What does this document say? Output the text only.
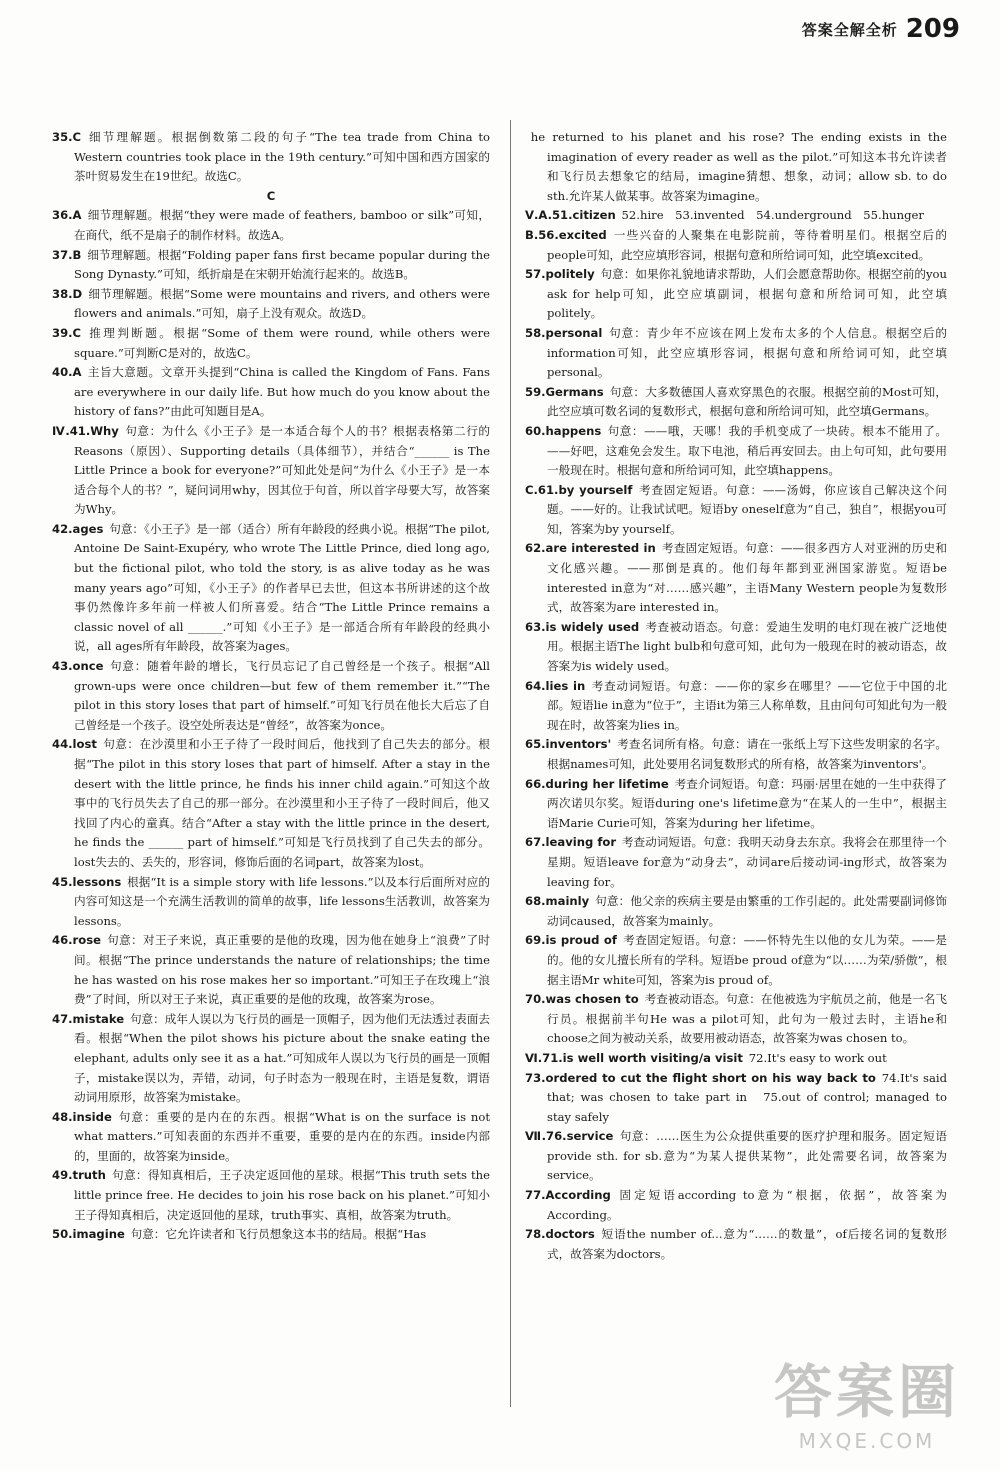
答案全解全析 209

35.C  细节理解题。根据倒数第二段的句子“The tea trade from China to Western countries took place in the 19th century.”可知中国和西方国家的茶叶贸易发生在19世纪。故选C。

C

36.A  细节理解题。根据“they were made of feathers, bamboo or silk”可知，在商代，纸不是扇子的制作材料。故选A。

37.B  细节理解题。根据“Folding paper fans first became popular during the Song Dynasty.”可知，纸折扇是在宋朝开始流行起来的。故选B。

38.D  细节理解题。根据“Some were mountains and rivers, and others were flowers and animals.”可知，扇子上没有观众。故选D。

39.C  推理判断题。根据“Some of them were round, while others were square.”可判断C是对的，故选C。

40.A  主旨大意题。文章开头提到“China is called the Kingdom of Fans. Fans are everywhere in our daily life. But how much do you know about the history of fans?”由此可知题目是A。

Ⅳ.41.Why  句意：为什么《小王子》是一本适合每个人的书？根据表格第二行的Reasons（原因）、Supporting details（具体细节），并结合“______ is The Little Prince a book for everyone?”可知此处是问“为什么《小王子》是一本适合每个人的书？”，疑问词用why，因其位于句首，所以首字母要大写，故答案为Why。

42.ages  句意：《小王子》是一部（适合）所有年龄段的经典小说。根据“The pilot, Antoine De Saint-Exupéry, who wrote The Little Prince, died long ago, but the fictional pilot, who told the story, is as alive today as he was many years ago”可知，《小王子》的作者早已去世，但这本书所讲述的这个故事仍然像许多年前一样被人们所喜爱。结合“The Little Prince remains a classic novel of all ______.”可知《小王子》是一部适合所有年龄段的经典小说，all ages所有年龄段，故答案为ages。

43.once  句意：随着年龄的增长，飞行员忘记了自己曾经是一个孩子。根据“All grown-ups were once children—but few of them remember it.”“The pilot in this story loses that part of himself.”可知飞行员在他长大后忘了自己曾经是一个孩子。设空处所表达是“曾经”，故答案为once。

44.lost  句意：在沙漠里和小王子待了一段时间后，他找到了自己失去的部分。根据“The pilot in this story loses that part of himself. After a stay in the desert with the little prince, he finds his inner child again.”可知这个故事中的飞行员失去了自己的那一部分。在沙漠里和小王子待了一段时间后，他又找回了内心的童真。结合“After a stay with the little prince in the desert, he finds the ______ part of himself.”可知是飞行员找到了自己失去的部分。lost失去的、丢失的，形容词，修饰后面的名词part，故答案为lost。

45.lessons  根据“It is a simple story with life lessons.”以及本行后面所对应的内容可知这是一个充满生活教训的简单的故事，life lessons生活教训，故答案为lessons。

46.rose  句意：对王子来说，真正重要的是他的玫瑰，因为他在她身上“浪费”了时间。根据“The prince understands the nature of relationships; the time he has wasted on his rose makes her so important.”可知王子在玫瑰上“浪费”了时间，所以对王子来说，真正重要的是他的玫瑰，故答案为rose。

47.mistake  句意：成年人误以为飞行员的画是一顶帽子，因为他们无法透过表面去看。根据“When the pilot shows his picture about the snake eating the elephant, adults only see it as a hat.”可知成年人误以为飞行员的画是一顶帽子，mistake误以为，弄错，动词，句子时态为一般现在时，主语是复数，谓语动词用原形，故答案为mistake。

48.inside  句意：重要的是内在的东西。根据“What is on the surface is not what matters.”可知表面的东西并不重要，重要的是内在的东西。inside内部的，里面的，故答案为inside。

49.truth  句意：得知真相后，王子决定返回他的星球。根据“This truth sets the little prince free. He decides to join his rose back on his planet.”可知小王子得知真相后，决定返回他的星球，truth事实、真相，故答案为truth。

50.imagine  句意：它允许读者和飞行员想象这本书的结局。根据“Has

 he returned to his planet and his rose? The ending exists in the imagination of every reader as well as the pilot.”可知这本书允许读者和飞行员去想象它的结局，imagine猜想、想象，动词；allow sb. to do sth.允许某人做某事。故答案为imagine。

Ⅴ.A.51.citizen  52.hire　53.invented　54.underground　55.hunger

B.56.excited  一些兴奋的人聚集在电影院前，等待着明星们。根据空后的people可知，此空应填形容词，根据句意和所给词可知，此空填excited。

57.politely  句意：如果你礼貌地请求帮助，人们会愿意帮助你。根据空前的you ask for help可知，此空应填副词，根据句意和所给词可知，此空填politely。

58.personal  句意：青少年不应该在网上发布太多的个人信息。根据空后的information可知，此空应填形容词，根据句意和所给词可知，此空填personal。

59.Germans  句意：大多数德国人喜欢穿黑色的衣服。根据空前的Most可知，此空应填可数名词的复数形式，根据句意和所给词可知，此空填Germans。

60.happens  句意：——哦，天哪！我的手机变成了一块砖。根本不能用了。——好吧，这难免会发生。取下电池，稍后再安回去。由上句可知，此句要用一般现在时。根据句意和所给词可知，此空填happens。

C.61.by yourself  考查固定短语。句意：——汤姆，你应该自己解决这个问题。——好的。让我试试吧。短语by oneself意为“自己，独自”，根据you可知，答案为by yourself。

62.are interested in  考查固定短语。句意：——很多西方人对亚洲的历史和文化感兴趣。——那倒是真的。他们每年都到亚洲国家游览。短语be interested in意为“对……感兴趣”，主语Many Western people为复数形式，故答案为are interested in。

63.is widely used  考查被动语态。句意：爱迪生发明的电灯现在被广泛地使用。根据主语The light bulb和句意可知，此句为一般现在时的被动语态，故答案为is widely used。

64.lies in  考查动词短语。句意：——你的家乡在哪里？——它位于中国的北部。短语lie in意为“位于”，主语it为第三人称单数，且由问句可知此句为一般现在时，故答案为lies in。

65.inventors'  考查名词所有格。句意：请在一张纸上写下这些发明家的名字。根据names可知，此处要用名词复数形式的所有格，故答案为inventors'。

66.during her lifetime  考查介词短语。句意：玛丽·居里在她的一生中获得了两次诺贝尔奖。短语during one's lifetime意为“在某人的一生中”，根据主语Marie Curie可知，答案为during her lifetime。

67.leaving for  考查动词短语。句意：我明天动身去东京。我将会在那里待一个星期。短语leave for意为“动身去”，动词are后接动词-ing形式，故答案为leaving for。

68.mainly  句意：他父亲的疾病主要是由繁重的工作引起的。此处需要副词修饰动词caused，故答案为mainly。

69.is proud of  考查固定短语。句意：——怀特先生以他的女儿为荣。——是的。他的女儿擅长所有的学科。短语be proud of意为“以……为荣/骄傲”，根据主语Mr white可知，答案为is proud of。

70.was chosen to  考查被动语态。句意：在他被选为宇航员之前，他是一名飞行员。根据前半句He was a pilot可知，此句为一般过去时，主语he和choose之间为被动关系，故要用被动语态，故答案为was chosen to。

Ⅵ.71.is well worth visiting/a visit  72.It's easy to work out

73.ordered to cut the flight short on his way back to  74.It's said that; was chosen to take part in　75.out of control; managed to stay safely

Ⅶ.76.service  句意：……医生为公众提供重要的医疗护理和服务。固定短语provide sth. for sb.意为“为某人提供某物”，此处需要名词，故答案为service。

77.According  固定短语according to意为“根据，依据”，故答案为According。

78.doctors  短语the number of...意为“……的数量”，of后接名词的复数形式，故答案为doctors。

答案圈
MXQE.COM
